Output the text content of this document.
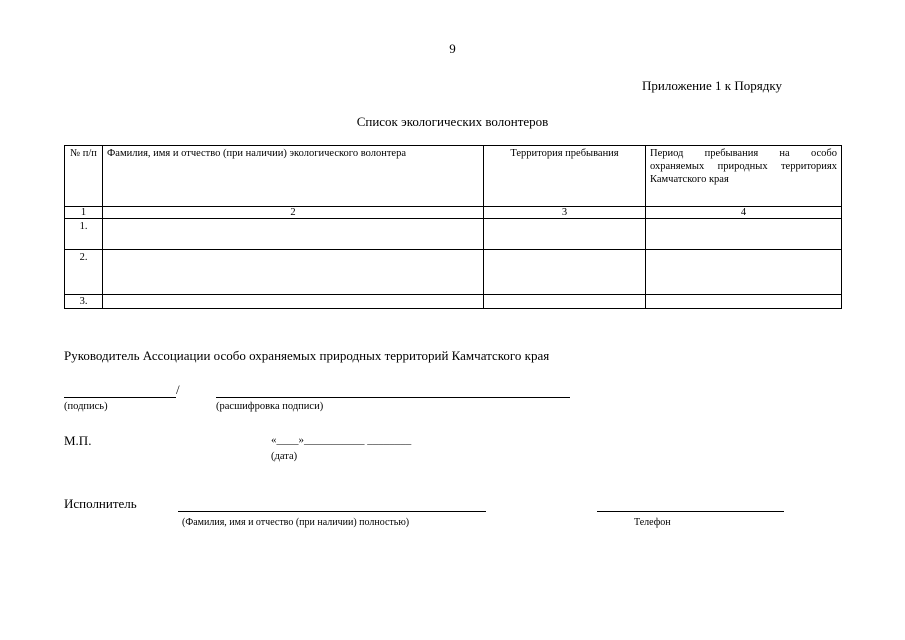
9
Приложение 1 к Порядку
Список экологических волонтеров
№ п/п	Фамилия, имя и отчество (при наличии) экологического волонтера	Территория пребывания	Период пребывания на особо охраняемых природных территориях Камчатского края
1	2	3	4
1.			
2.			
3.			
Руководитель Ассоциации особо охраняемых природных территорий Камчатского края
/
(подпись)	(расшифровка подписи)
М.П.	«____»___________ ________
(дата)
Исполнитель
(Фамилия, имя и отчество (при наличии) полностью)	Телефон
